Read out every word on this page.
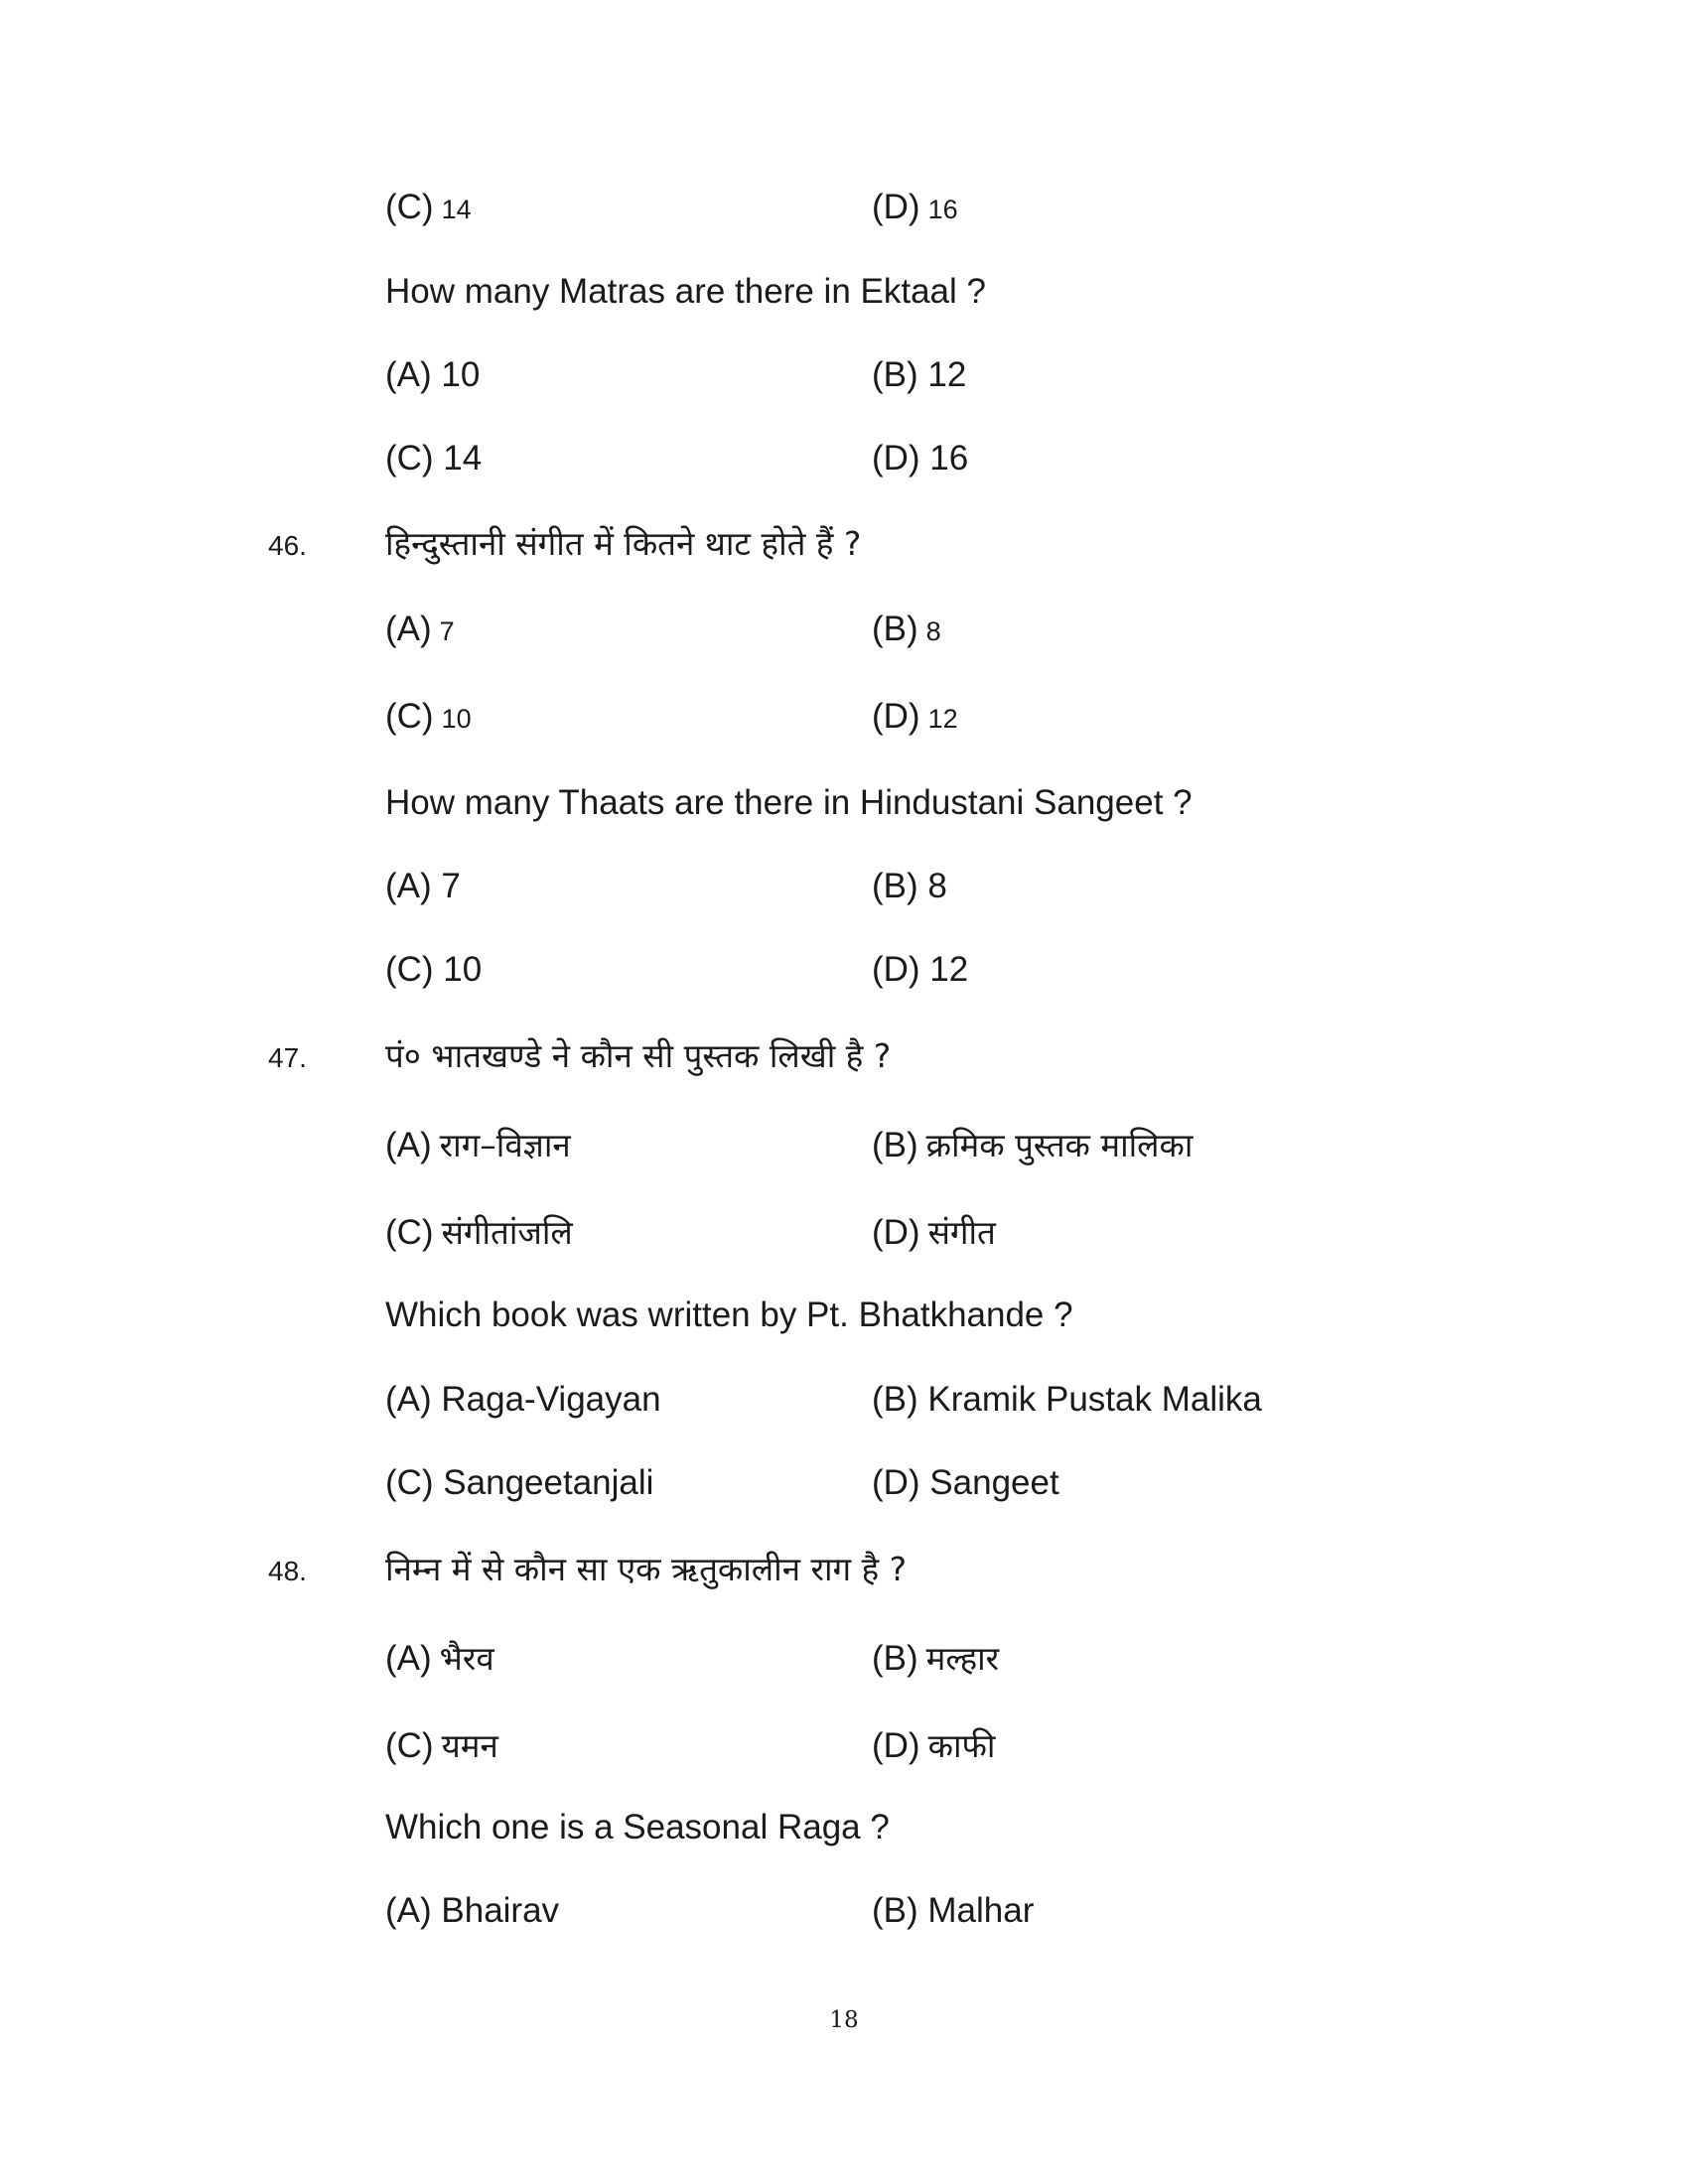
(C) 14	(D) 16
How many Matras are there in Ektaal ?
(A) 10	(B) 12
(C) 14	(D) 16
46. हिन्दुस्तानी संगीत में कितने थाट होते हैं ?
(A) 7	(B) 8
(C) 10	(D) 12
How many Thaats are there in Hindustani Sangeet ?
(A) 7	(B) 8
(C) 10	(D) 12
47. पं० भातखण्डे ने कौन सी पुस्तक लिखी है ?
(A) राग–विज्ञान	(B) क्रमिक पुस्तक मालिका
(C) संगीतांजलि	(D) संगीत
Which book was written by Pt. Bhatkhande ?
(A) Raga-Vigayan	(B) Kramik Pustak Malika
(C) Sangeetanjali	(D) Sangeet
48. निम्न में से कौन सा एक ऋतुकालीन राग है ?
(A) भैरव	(B) मल्हार
(C) यमन	(D) काफी
Which one is a Seasonal Raga ?
(A) Bhairav	(B) Malhar
18
